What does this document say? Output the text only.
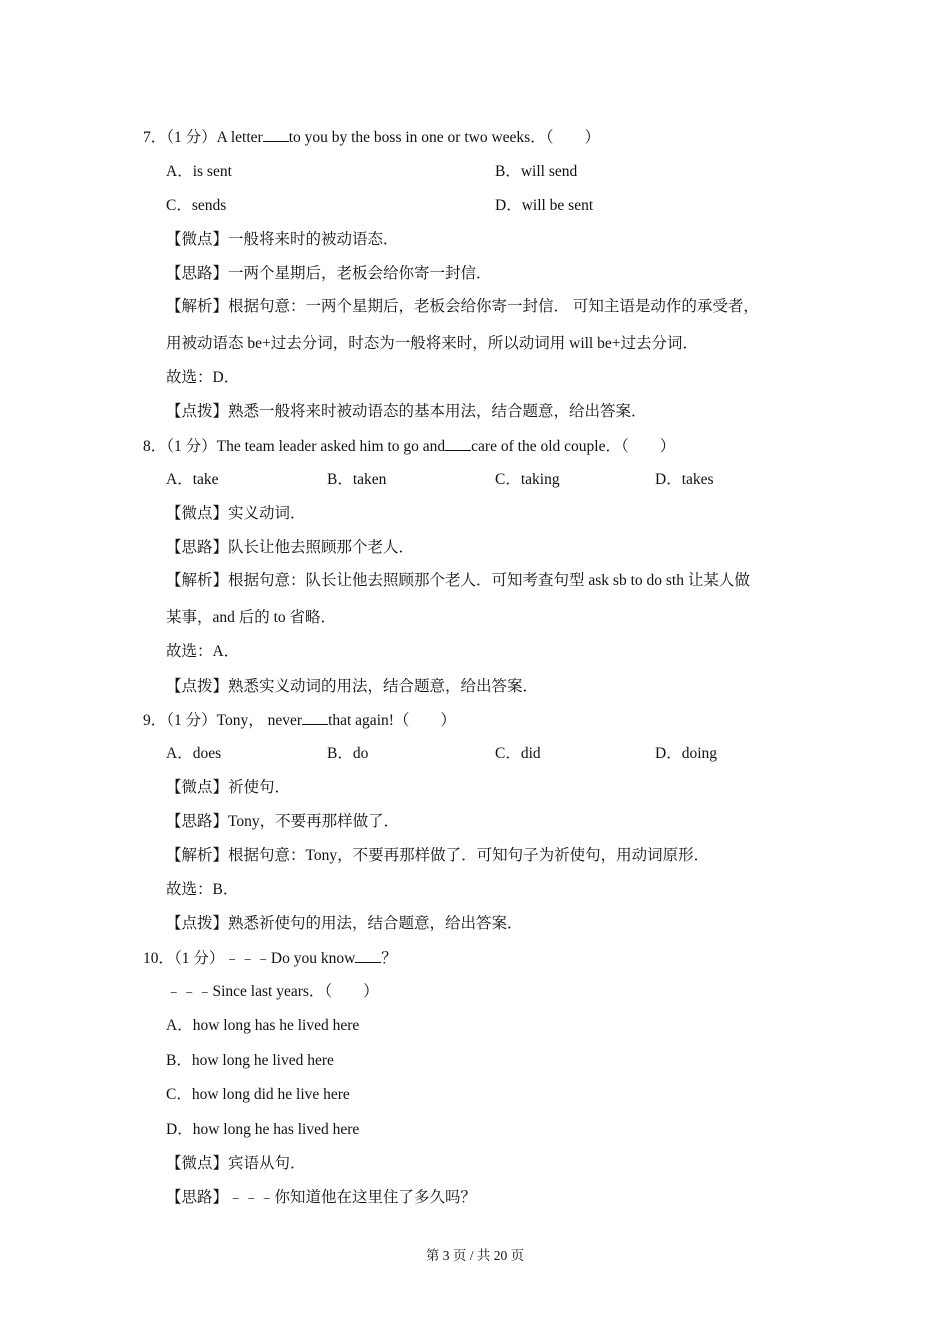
7．（1 分）A letter to you by the boss in one or two weeks．（　　）
A．is sent	B．will send
C．sends	D．will be sent
【微点】一般将来时的被动语态．
【思路】一两个星期后，老板会给你寄一封信．
【解析】根据句意：一两个星期后，老板会给你寄一封信． 可知主语是动作的承受者，
用被动语态 be+过去分词，时态为一般将来时，所以动词用 will be+过去分词．
故选：D．
【点拨】熟悉一般将来时被动语态的基本用法，结合题意，给出答案．
8．（1 分）The team leader asked him to go and care of the old couple．（　　）
A．take	B．taken	C．taking	D．takes
【微点】实义动词．
【思路】队长让他去照顾那个老人．
【解析】根据句意：队长让他去照顾那个老人．可知考查句型 ask sb to do sth 让某人做
某事，and 后的 to 省略．
故选：A．
【点拨】熟悉实义动词的用法，结合题意，给出答案．
9．（1 分）Tony， never that again!（　　）
A．does	B．do	C．did	D．doing
【微点】祈使句．
【思路】Tony，不要再那样做了．
【解析】根据句意：Tony，不要再那样做了．可知句子为祈使句，用动词原形．
故选：B．
【点拨】熟悉祈使句的用法，结合题意，给出答案．
10．（1 分）﹣﹣﹣Do you know ？
﹣﹣﹣Since last years．（　　）
A．how long has he lived here
B．how long he lived here
C．how long did he live here
D．how long he has lived here
【微点】宾语从句．
【思路】﹣﹣﹣你知道他在这里住了多久吗？
第 3 页 / 共 20 页
